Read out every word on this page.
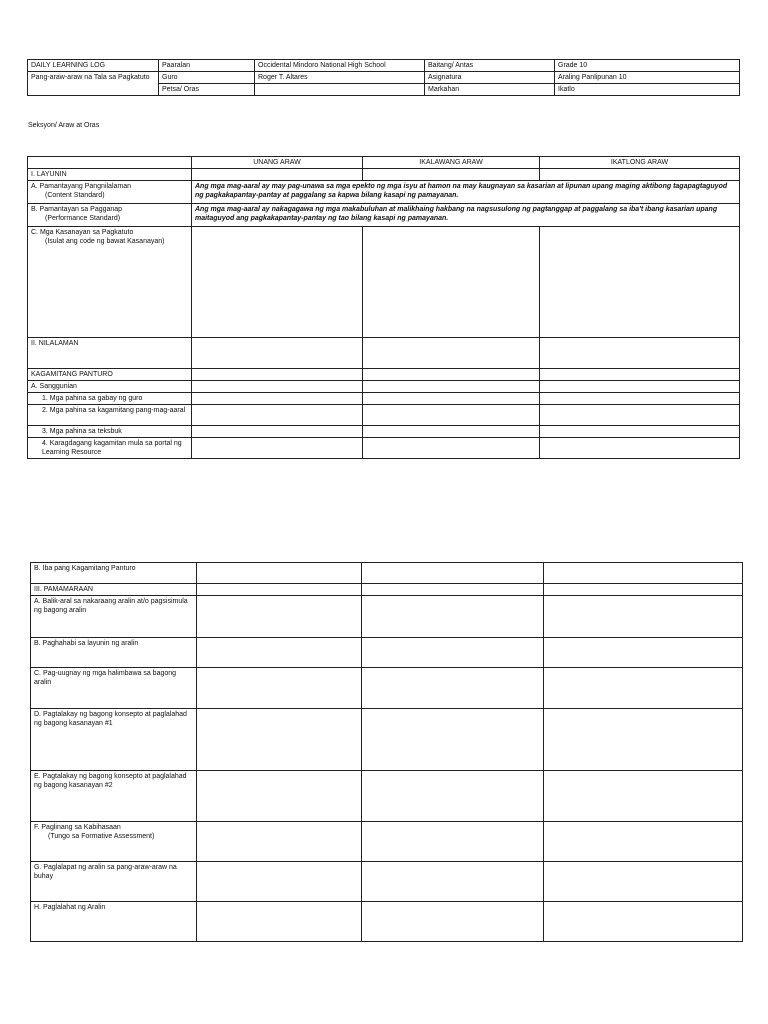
DAILY LEARNING LOG	Paaralan	Occidental Mindoro National High School	Baitang/ Antas	Grade 10
Pang-araw-araw na Tala sa Pagkatuto	Guro	Roger T. Altares	Asignatura	Araling Panlipunan 10
	Petsa/ Oras		Markahan	Ikatlo
Seksyon/ Araw at Oras
	UNANG ARAW	IKALAWANG ARAW	IKATLONG ARAW
I. LAYUNIN			

A. Pamantayang Pangnilalaman
(Content Standard)	Ang mga mag-aaral ay may pag-unawa sa mga epekto ng mga isyu at hamon na may kaugnayan sa kasarian at lipunan upang maging aktibong tagapagtaguyod ng pagkakapantay-pantay at paggalang sa kapwa bilang kasapi ng pamayanan.		

B. Pamantayan sa Pagganap
(Performance Standard)	Ang mga mag-aaral ay nakagagawa ng mga makabuluhan at malikhaing hakbang na nagsusulong ng pagtanggap at paggalang sa iba't ibang kasarian upang maitaguyod ang pagkakapantay-pantay ng tao bilang kasapi ng pamayanan.		

C. Mga Kasanayan sa Pagkatuto
(Isulat ang code ng bawat Kasanayan)			

II. NILALAMAN			
KAGAMITANG PANTURO			
A. Sanggunian			
1. Mga pahina sa gabay ng guro			
2. Mga pahina sa kagamitang pang-mag-aaral			
3. Mga pahina sa teksbuk			
4. Karagdagang kagamitan mula sa portal ng Learning Resource			
B. Iba pang Kagamitang Panturo			
III. PAMAMARAAN			
A. Balik-aral sa nakaraang aralin at/o pagsisimula ng bagong aralin			
B. Paghahabi sa layunin ng aralin			
C. Pag-uugnay ng mga halimbawa sa bagong aralin			
D. Pagtalakay ng bagong konsepto at paglalahad ng bagong kasanayan #1			
E. Pagtalakay ng bagong konsepto at paglalahad ng bagong kasanayan #2			

F. Paglinang sa Kabihasaan
(Tungo sa Formative Assessment)			

G. Paglalapat ng aralin sa pang-araw-araw na buhay			
H. Paglalahat ng Aralin			
